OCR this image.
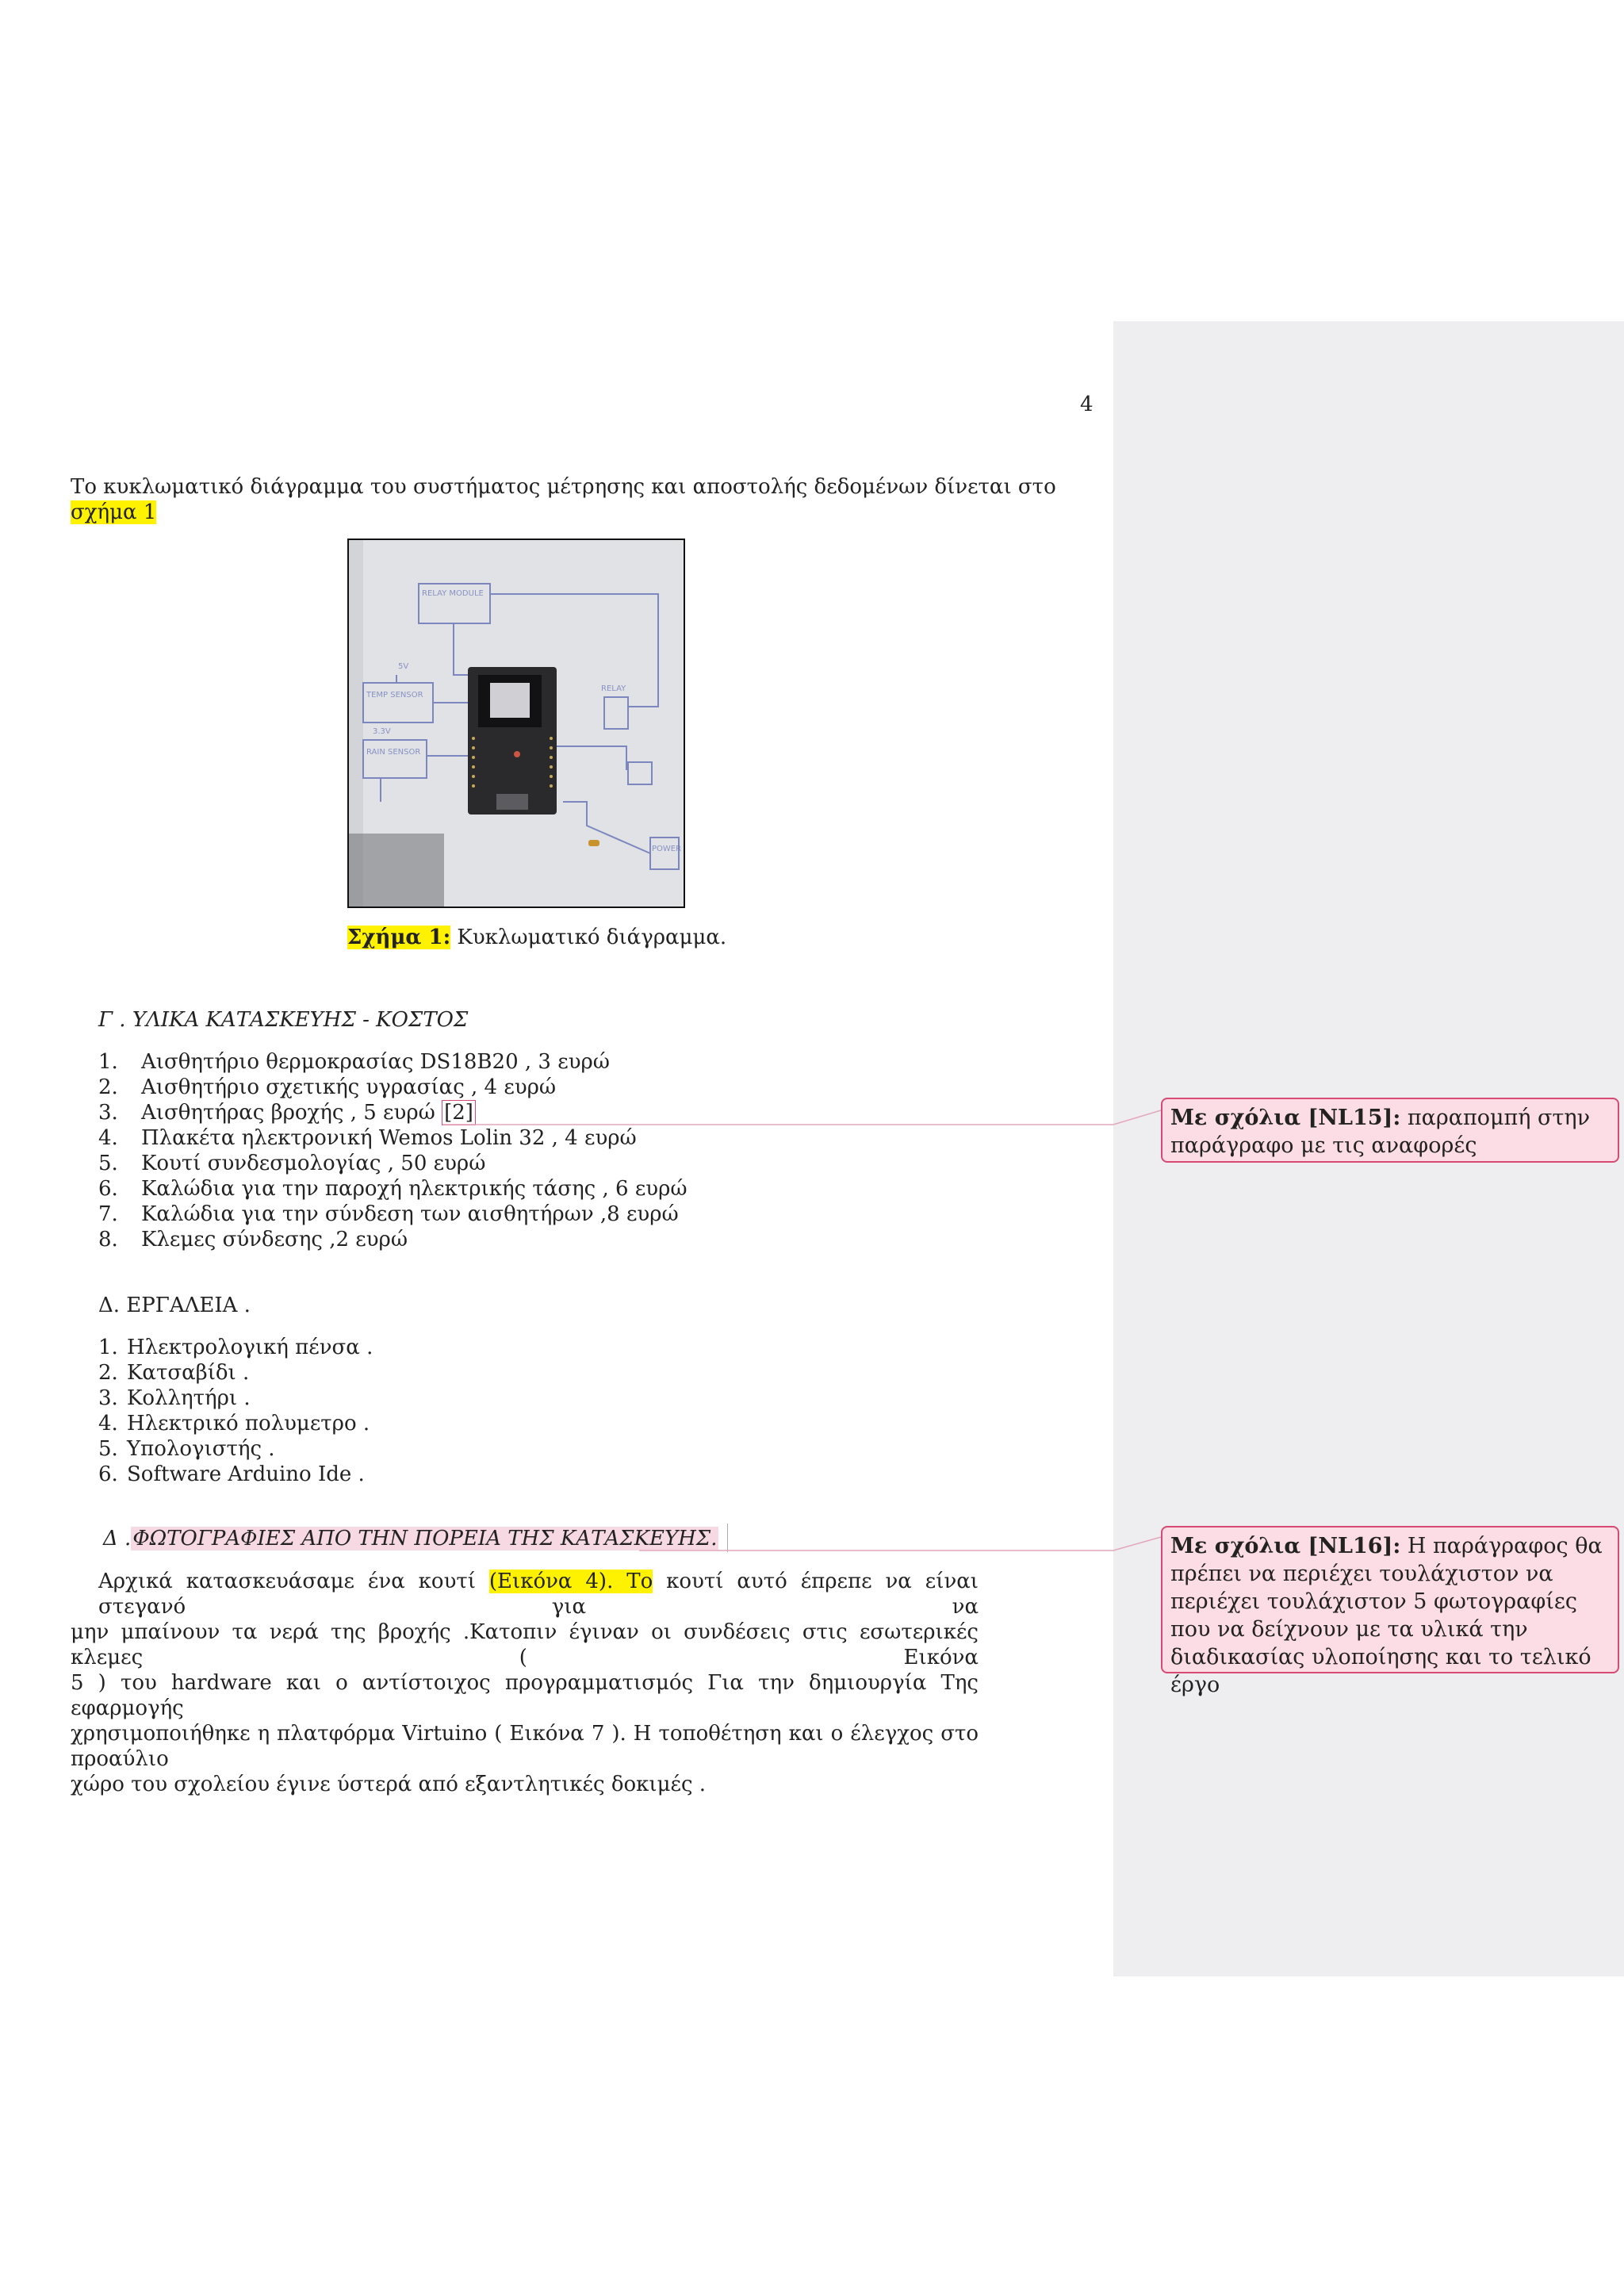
4
Το κυκλωματικό διάγραμμα του συστήματος μέτρησης και αποστολής δεδομένων δίνεται στο
σχήμα 1
RELAY MODULE
TEMP SENSOR
RAIN SENSOR
RELAY
POWER
5V
3.3V
Σχήμα 1: Κυκλωματικό διάγραμμα.
Γ . ΥΛΙΚΑ ΚΑΤΑΣΚΕΥΗΣ - ΚΟΣΤΟΣ
1. Αισθητήριο θερμοκρασίας DS18B20 , 3 ευρώ
2. Αισθητήριο σχετικής υγρασίας , 4 ευρώ
3. Αισθητήρας βροχής , 5 ευρώ [2]
4. Πλακέτα ηλεκτρονική Wemos Lolin 32 , 4 ευρώ
5. Κουτί συνδεσμολογίας , 50 ευρώ
6. Καλώδια για την παροχή ηλεκτρικής τάσης , 6 ευρώ
7. Καλώδια για την σύνδεση των αισθητήρων ,8 ευρώ
8. Κλεμες σύνδεσης ,2 ευρώ
Δ. ΕΡΓΑΛΕΙΑ .
1. Ηλεκτρολογική πένσα .
2. Κατσαβίδι .
3. Κολλητήρι .
4. Ηλεκτρικό πολυμετρο .
5. Υπολογιστής .
6. Software Arduino Ide .
Δ .ΦΩΤΟΓΡΑΦΙΕΣ ΑΠΟ ΤΗΝ ΠΟΡΕΙΑ ΤΗΣ ΚΑΤΑΣΚΕΥΗΣ.
Αρχικά κατασκευάσαμε ένα κουτί (Εικόνα 4). Το κουτί αυτό έπρεπε να είναι στεγανό για να
μην μπαίνουν τα νερά της βροχής .Κατοπιν έγιναν οι συνδέσεις στις εσωτερικές κλεμες ( Εικόνα
5 ) του hardware και ο αντίστοιχος προγραμματισμός Για την δημιουργία Της εφαρμογής
χρησιμοποιήθηκε η πλατφόρμα Virtuino ( Εικόνα 7 ). Η τοποθέτηση και ο έλεγχος στο προαύλιο
χώρο του σχολείου έγινε ύστερά από εξαντλητικές δοκιμές .
Με σχόλια [NL15]: παραπομπή στην παράγραφο με τις αναφορές
Με σχόλια [NL16]: Η παράγραφος θα πρέπει να περιέχει τουλάχιστον να περιέχει τουλάχιστον 5 φωτογραφίες που να δείχνουν με τα υλικά την διαδικασίας υλοποίησης και το τελικό έργο
